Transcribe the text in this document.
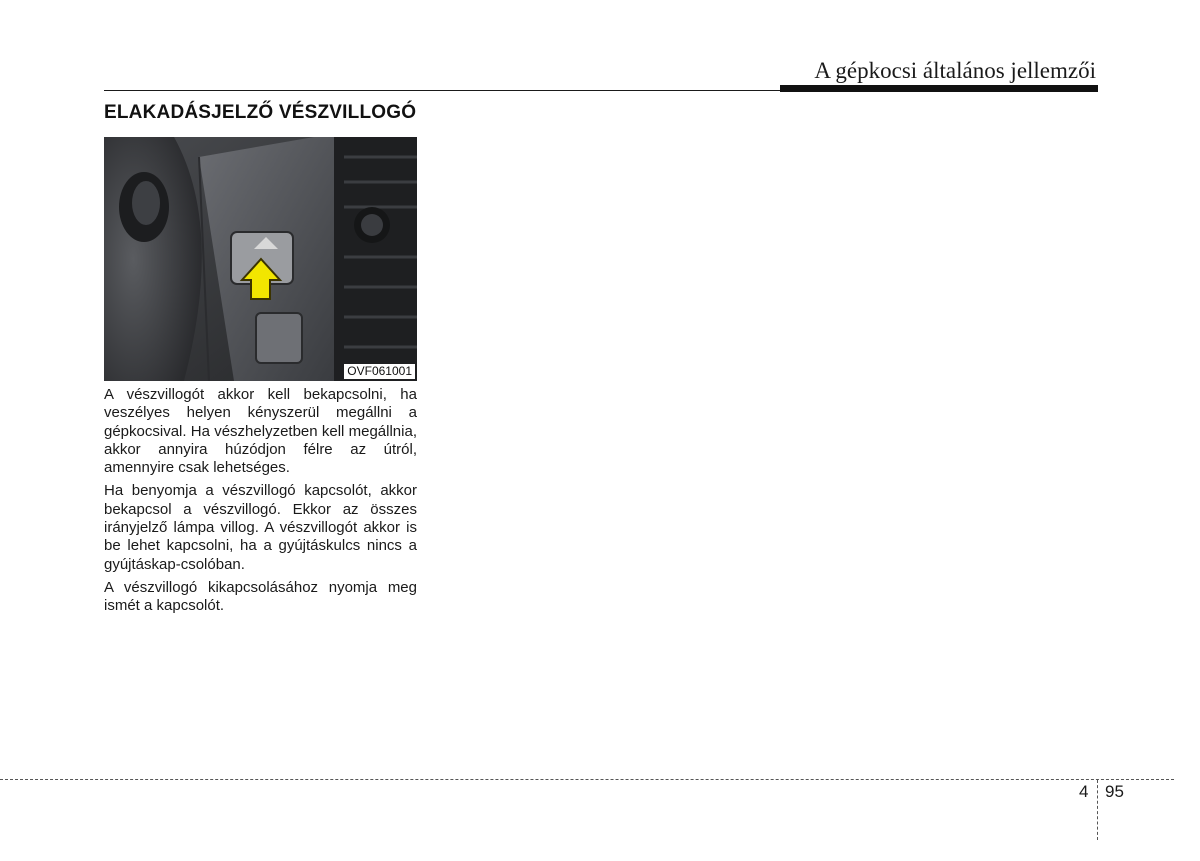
A gépkocsi általános jellemzői
ELAKADÁSJELZŐ VÉSZVILLOGÓ
OVF061001

A vészvillogót akkor kell bekapcsolni, ha veszélyes helyen kényszerül megállni a gépkocsival. Ha vészhelyzetben kell megállnia, akkor annyira húzódjon félre az útról, amennyire csak lehetséges.

Ha benyomja a vészvillogó kapcsolót, akkor bekapcsol a vészvillogó. Ekkor az összes irányjelző lámpa villog. A vészvillogót akkor is be lehet kapcsolni, ha a gyújtáskulcs nincs a gyújtáskap-csolóban.

A vészvillogó kikapcsolásához nyomja meg ismét a kapcsolót.

4 95
